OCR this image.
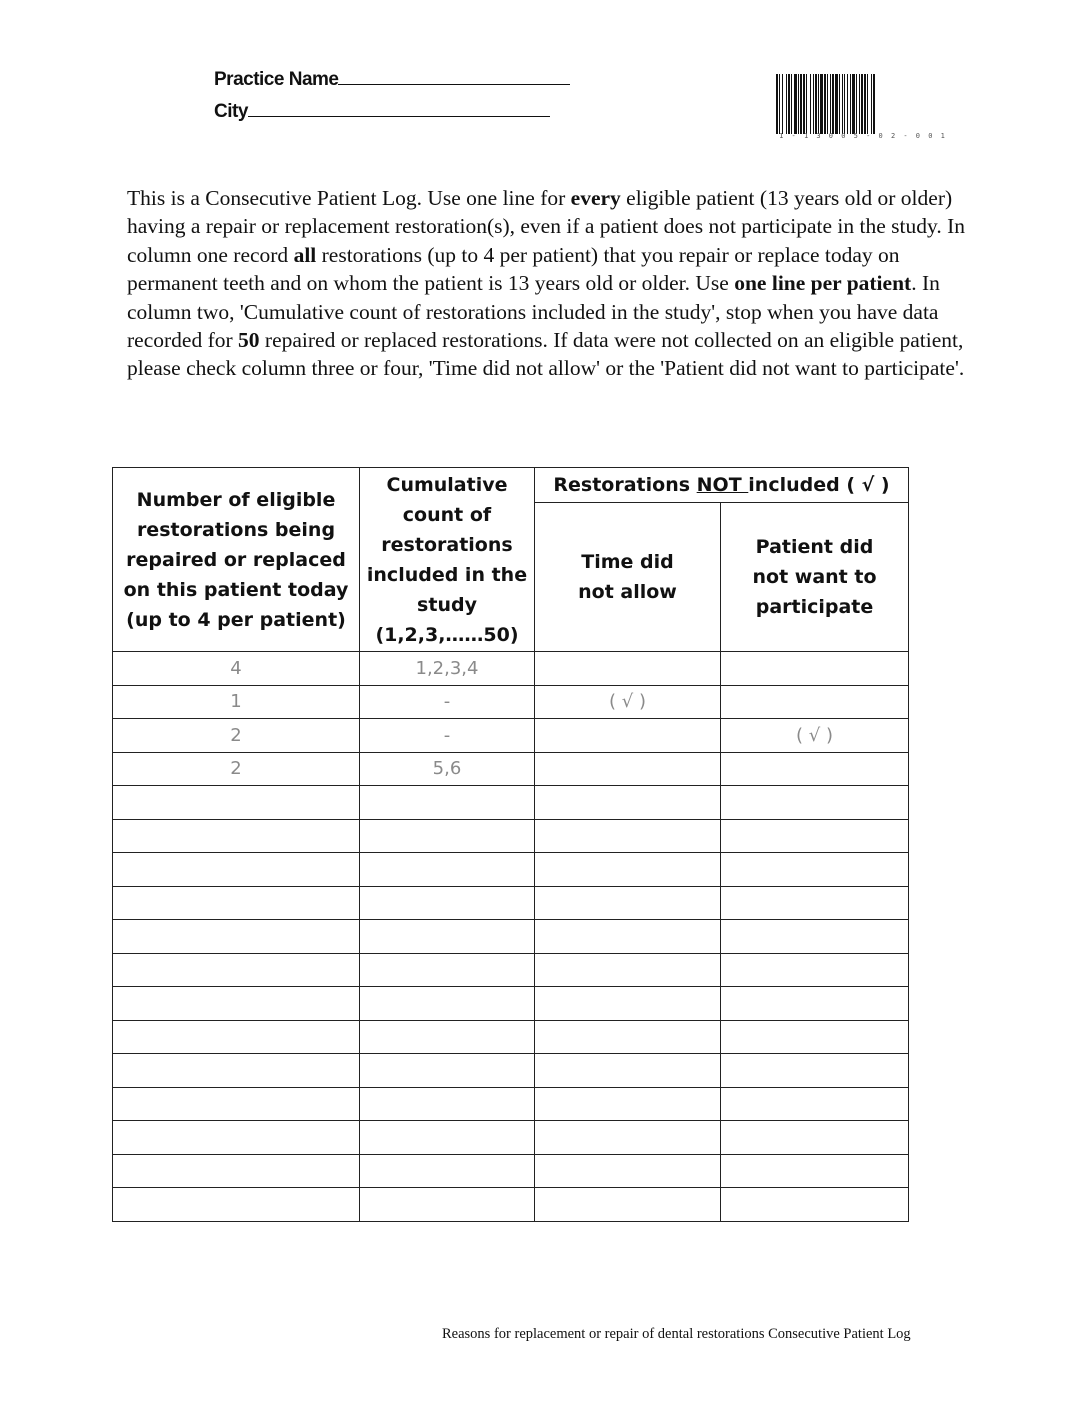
Practice Name
City
1 - 1 3 0 0 5 - 0 2 - 0 0 1
This is a Consecutive Patient Log. Use one line for every eligible patient (13 years old or older) having a repair or replacement restoration(s), even if a patient does not participate in the study. In column one record all restorations (up to 4 per patient) that you repair or replace today on permanent teeth and on whom the patient is 13 years old or older. Use one line per patient. In column two, 'Cumulative count of restorations included in the study', stop when you have data recorded for 50 repaired or replaced restorations. If data were not collected on an eligible patient, please check column three or four, 'Time did not allow' or the 'Patient did not want to participate'.
Number of eligible restorations being repaired or replaced on this patient today (up to 4 per patient)	Cumulative count of restorations included in the study (1,2,3,……50)	Restorations NOT included ( √ )	
		Time did not allow	Patient did not want to participate
4	1,2,3,4		
1	-	( √ )	
2	-		( √ )
2	5,6		

Reasons for replacement or repair of dental restorations Consecutive Patient Log
